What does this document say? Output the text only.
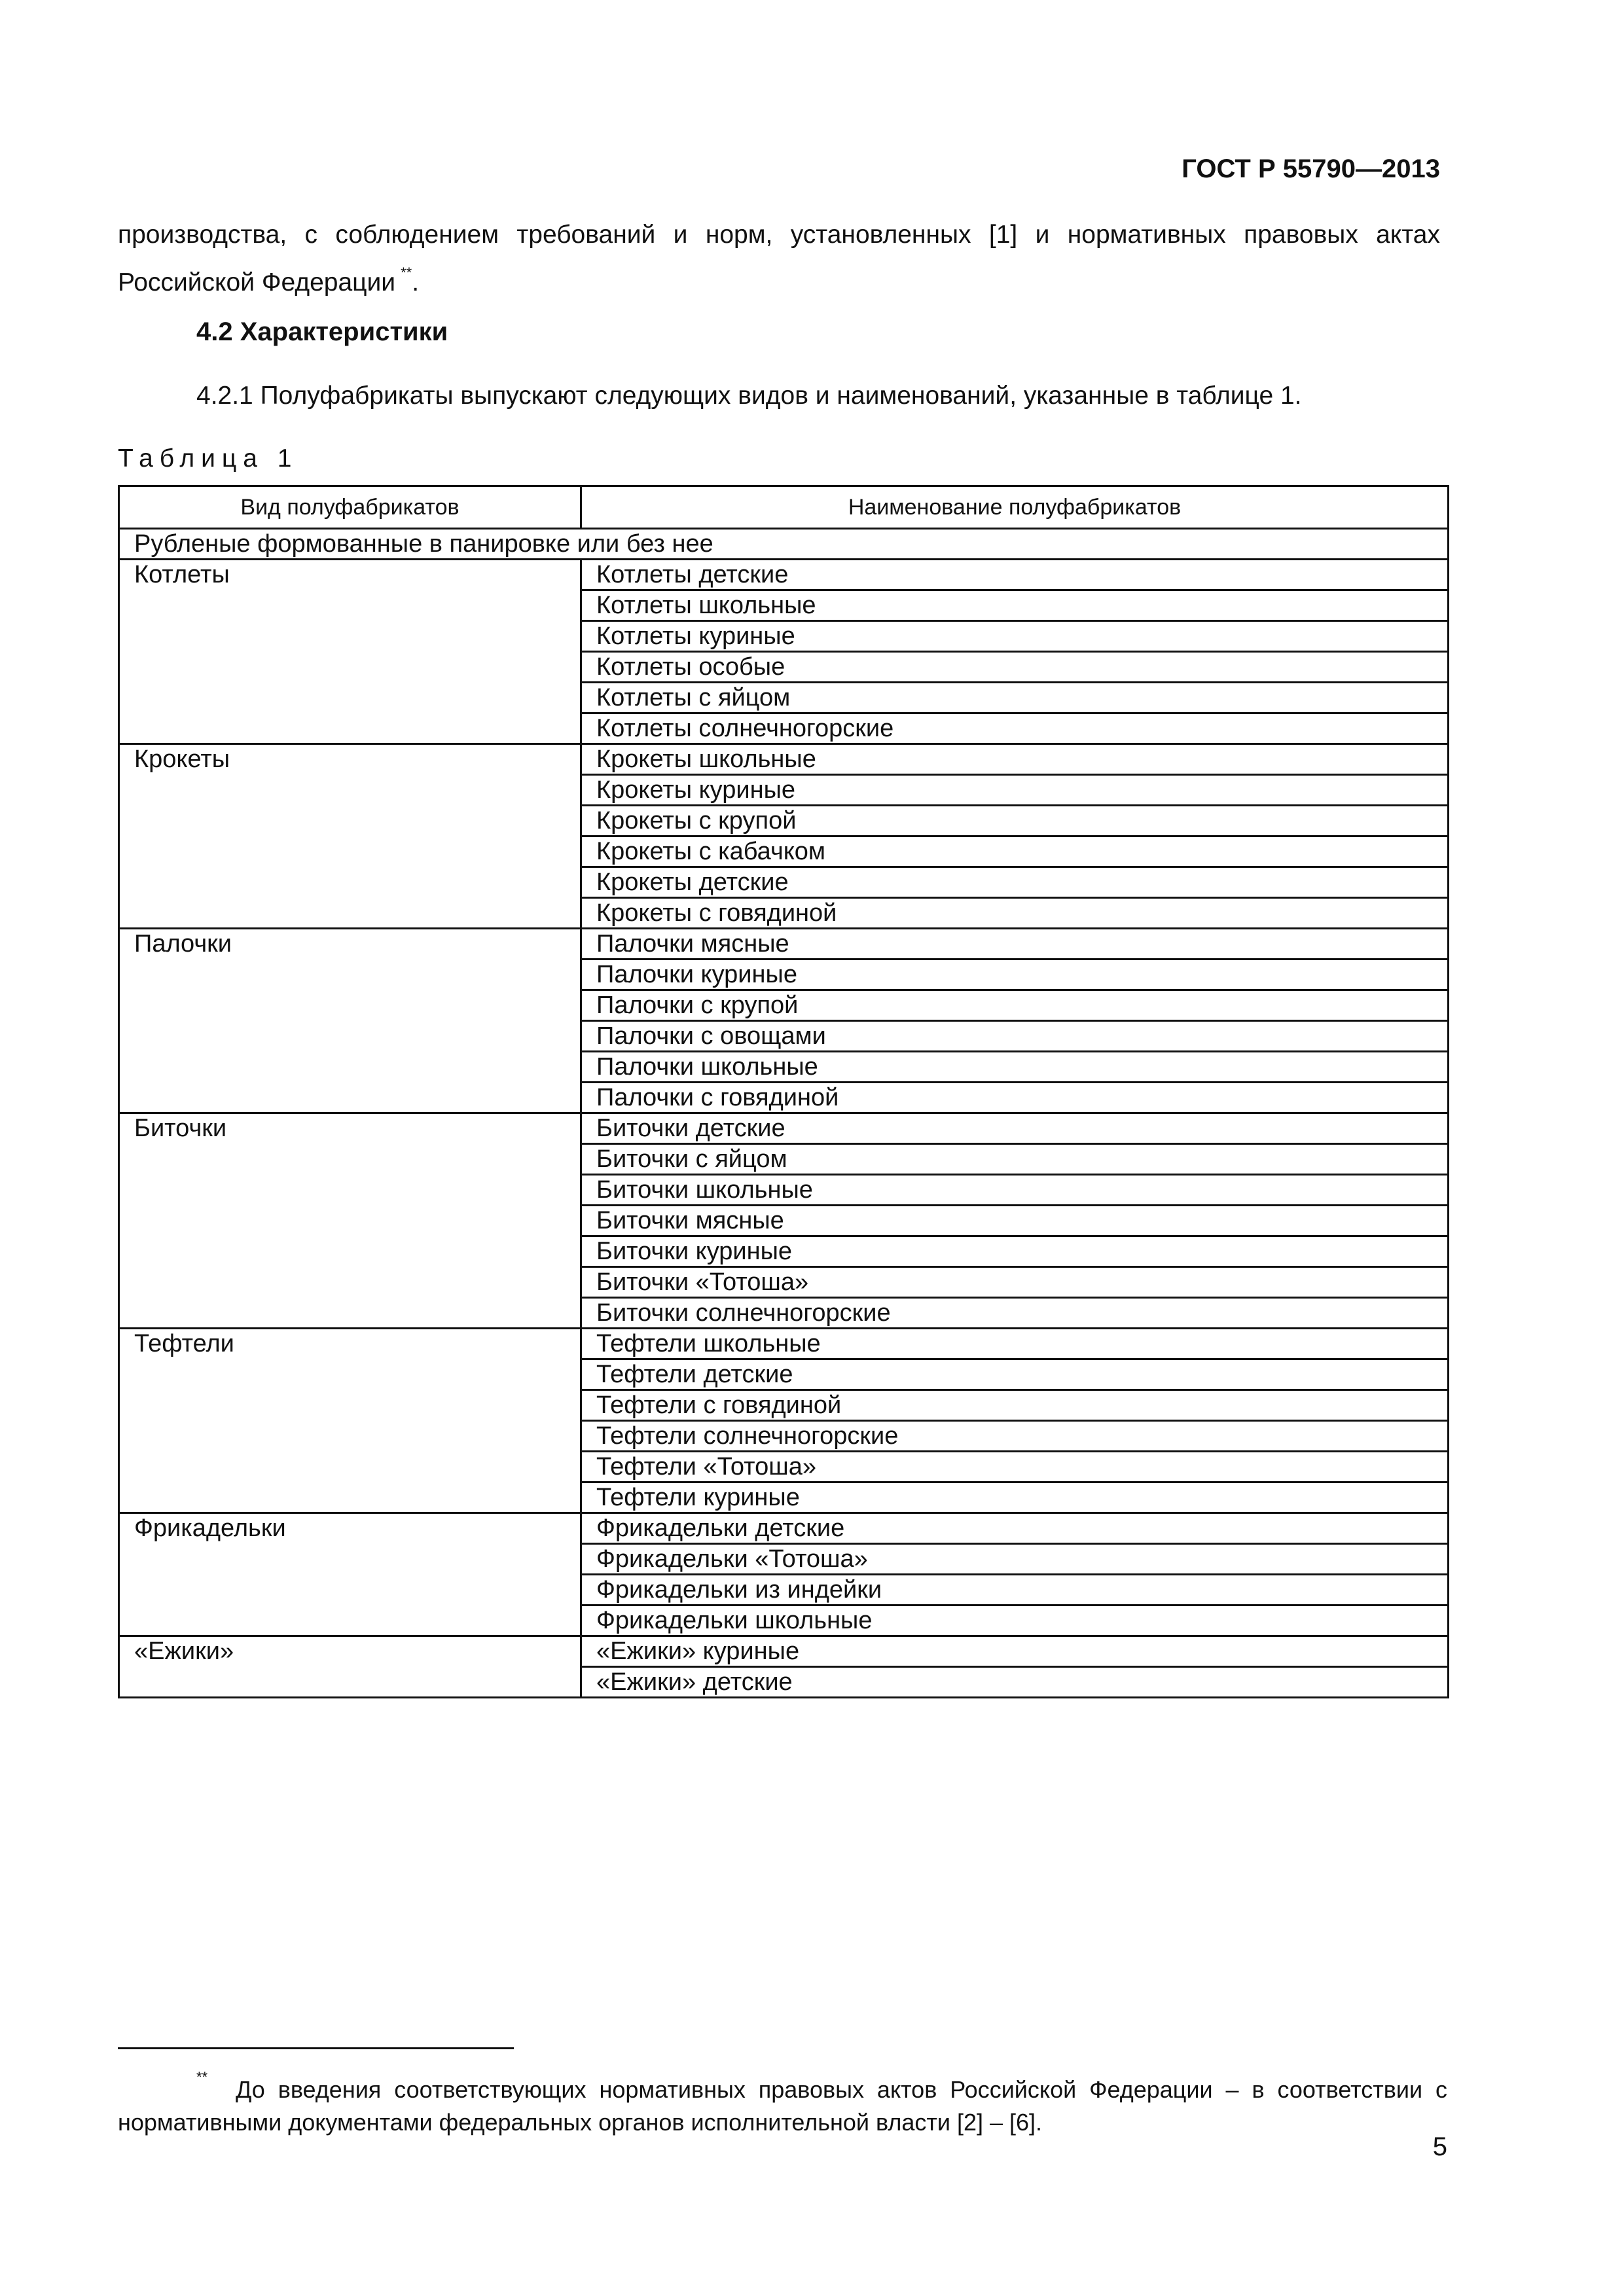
ГОСТ Р 55790—2013
производства, с соблюдением требований и норм, установленных [1] и нормативных правовых актах Российской Федерации **.
4.2 Характеристики
4.2.1 Полуфабрикаты выпускают следующих видов и наименований, указанные в таблице 1.
Таблица 1
Вид полуфабрикатов	Наименование полуфабрикатов
Рубленые формованные в панировке или без нее	
Котлеты	Котлеты детские
	Котлеты школьные
	Котлеты куриные
	Котлеты особые
	Котлеты с яйцом
	Котлеты солнечногорские
Крокеты	Крокеты школьные
	Крокеты куриные
	Крокеты с крупой
	Крокеты с кабачком
	Крокеты детские
	Крокеты с говядиной
Палочки	Палочки мясные
	Палочки куриные
	Палочки с крупой
	Палочки с овощами
	Палочки школьные
	Палочки с говядиной
Биточки	Биточки детские
	Биточки с яйцом
	Биточки школьные
	Биточки мясные
	Биточки куриные
	Биточки «Тотоша»
	Биточки солнечногорские
Тефтели	Тефтели школьные
	Тефтели детские
	Тефтели с говядиной
	Тефтели солнечногорские
	Тефтели «Тотоша»
	Тефтели куриные
Фрикадельки	Фрикадельки детские
	Фрикадельки «Тотоша»
	Фрикадельки из индейки
	Фрикадельки школьные
«Ежики»	«Ежики» куриные
	«Ежики» детские
**	До введения соответствующих нормативных правовых актов Российской Федерации – в соответствии с нормативными документами федеральных органов исполнительной власти [2] – [6].
5
